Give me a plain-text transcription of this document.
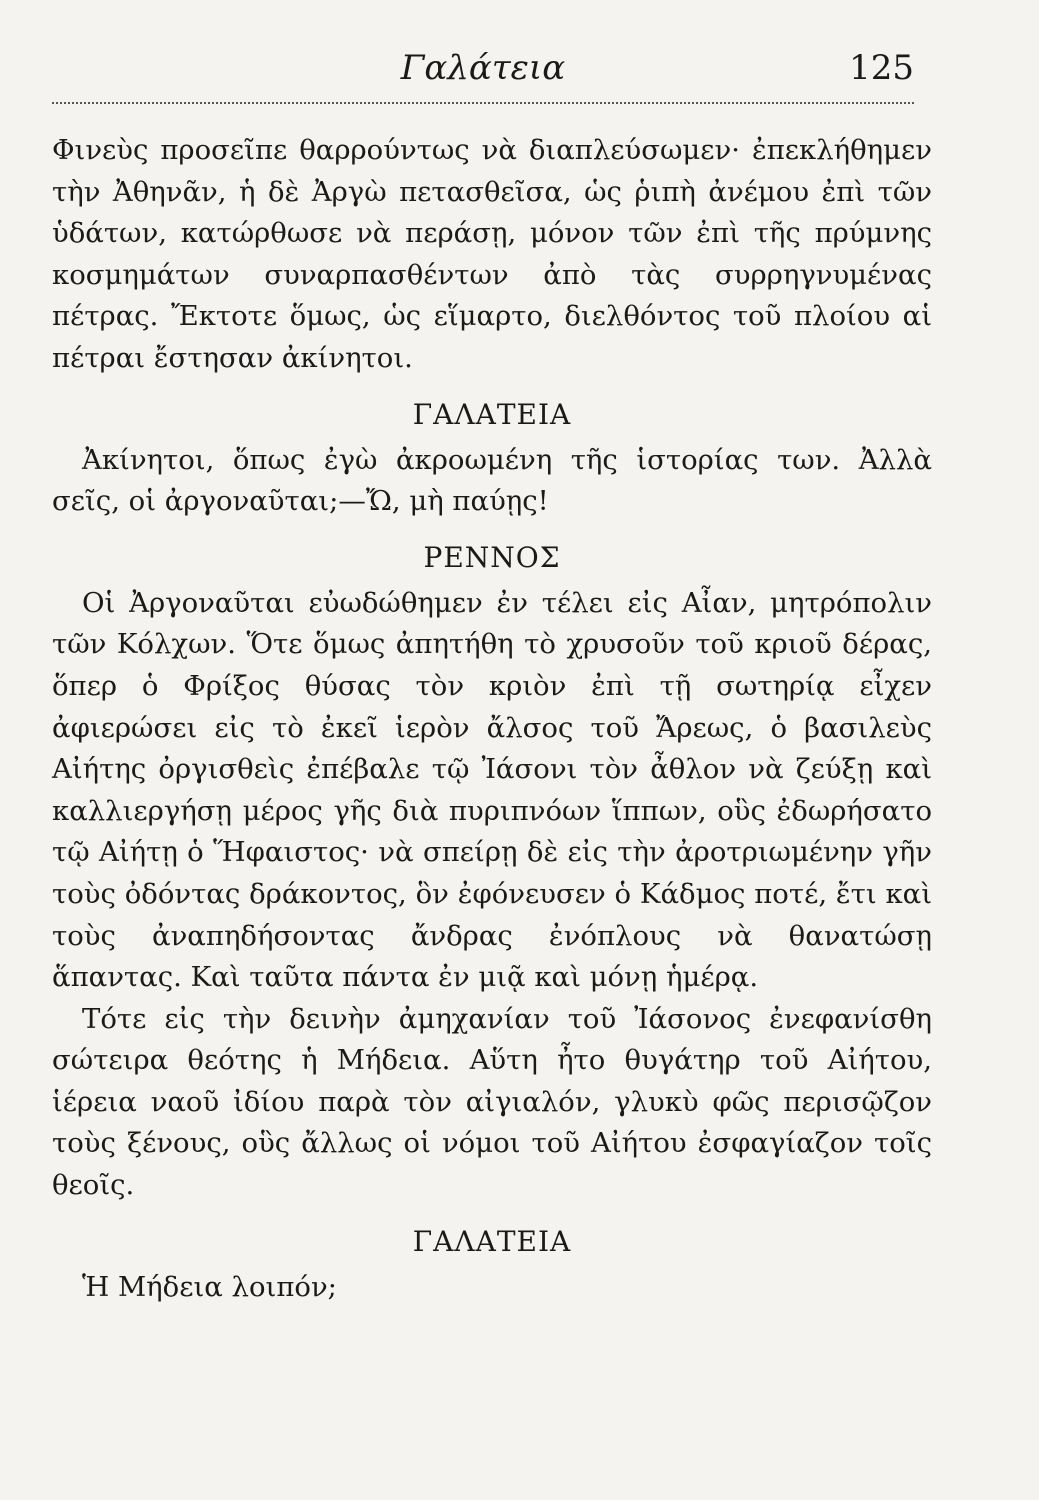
Γαλάτεια	125

Φινεὺς προσεῖπε θαρρούντως νὰ διαπλεύσωμεν· ἐπεκλήθημεν τὴν Ἀθηνᾶν, ἡ δὲ Ἀργὼ πετασθεῖσα, ὡς ῥιπὴ ἀνέμου ἐπὶ τῶν ὑδάτων, κατώρθωσε νὰ περάσῃ, μόνον τῶν ἐπὶ τῆς πρύμνης κοσμημάτων συναρπασθέντων ἀπὸ τὰς συρρηγνυμένας πέτρας. Ἔκτοτε ὅμως, ὡς εἵμαρτο, διελθόντος τοῦ πλοίου αἱ πέτραι ἔστησαν ἀκίνητοι.

ΓΑΛΑΤΕΙΑ

Ἀκίνητοι, ὅπως ἐγὼ ἀκροωμένη τῆς ἱστορίας των. Ἀλλὰ σεῖς, οἱ ἀργοναῦται;—Ὤ, μὴ παύῃς!

ΡΕΝΝΟΣ

Οἱ Ἀργοναῦται εὐωδώθημεν ἐν τέλει εἰς Αἶαν, μητρόπολιν τῶν Κόλχων. Ὅτε ὅμως ἀπητήθη τὸ χρυσοῦν τοῦ κριοῦ δέρας, ὅπερ ὁ Φρίξος θύσας τὸν κριὸν ἐπὶ τῇ σωτηρίᾳ εἶχεν ἀφιερώσει εἰς τὸ ἐκεῖ ἱερὸν ἄλσος τοῦ Ἄρεως, ὁ βασιλεὺς Αἰήτης ὀργισθεὶς ἐπέβαλε τῷ Ἰάσονι τὸν ἆθλον νὰ ζεύξῃ καὶ καλλιεργήσῃ μέρος γῆς διὰ πυριπνόων ἵππων, οὓς ἐδωρήσατο τῷ Αἰήτῃ ὁ Ἥφαιστος· νὰ σπείρῃ δὲ εἰς τὴν ἀροτριωμένην γῆν τοὺς ὀδόντας δράκοντος, ὃν ἐφόνευσεν ὁ Κάδμος ποτέ, ἔτι καὶ τοὺς ἀναπηδήσοντας ἄνδρας ἐνόπλους νὰ θανατώσῃ ἅπαντας. Καὶ ταῦτα πάντα ἐν μιᾷ καὶ μόνῃ ἡμέρᾳ.

Τότε εἰς τὴν δεινὴν ἀμηχανίαν τοῦ Ἰάσονος ἐνεφανίσθη σώτειρα θεότης ἡ Μήδεια. Αὕτη ἦτο θυγάτηρ τοῦ Αἰήτου, ἱέρεια ναοῦ ἰδίου παρὰ τὸν αἰγιαλόν, γλυκὺ φῶς περισῷζον τοὺς ξένους, οὓς ἄλλως οἱ νόμοι τοῦ Αἰήτου ἐσφαγίαζον τοῖς θεοῖς.

ΓΑΛΑΤΕΙΑ

Ἡ Μήδεια λοιπόν;
